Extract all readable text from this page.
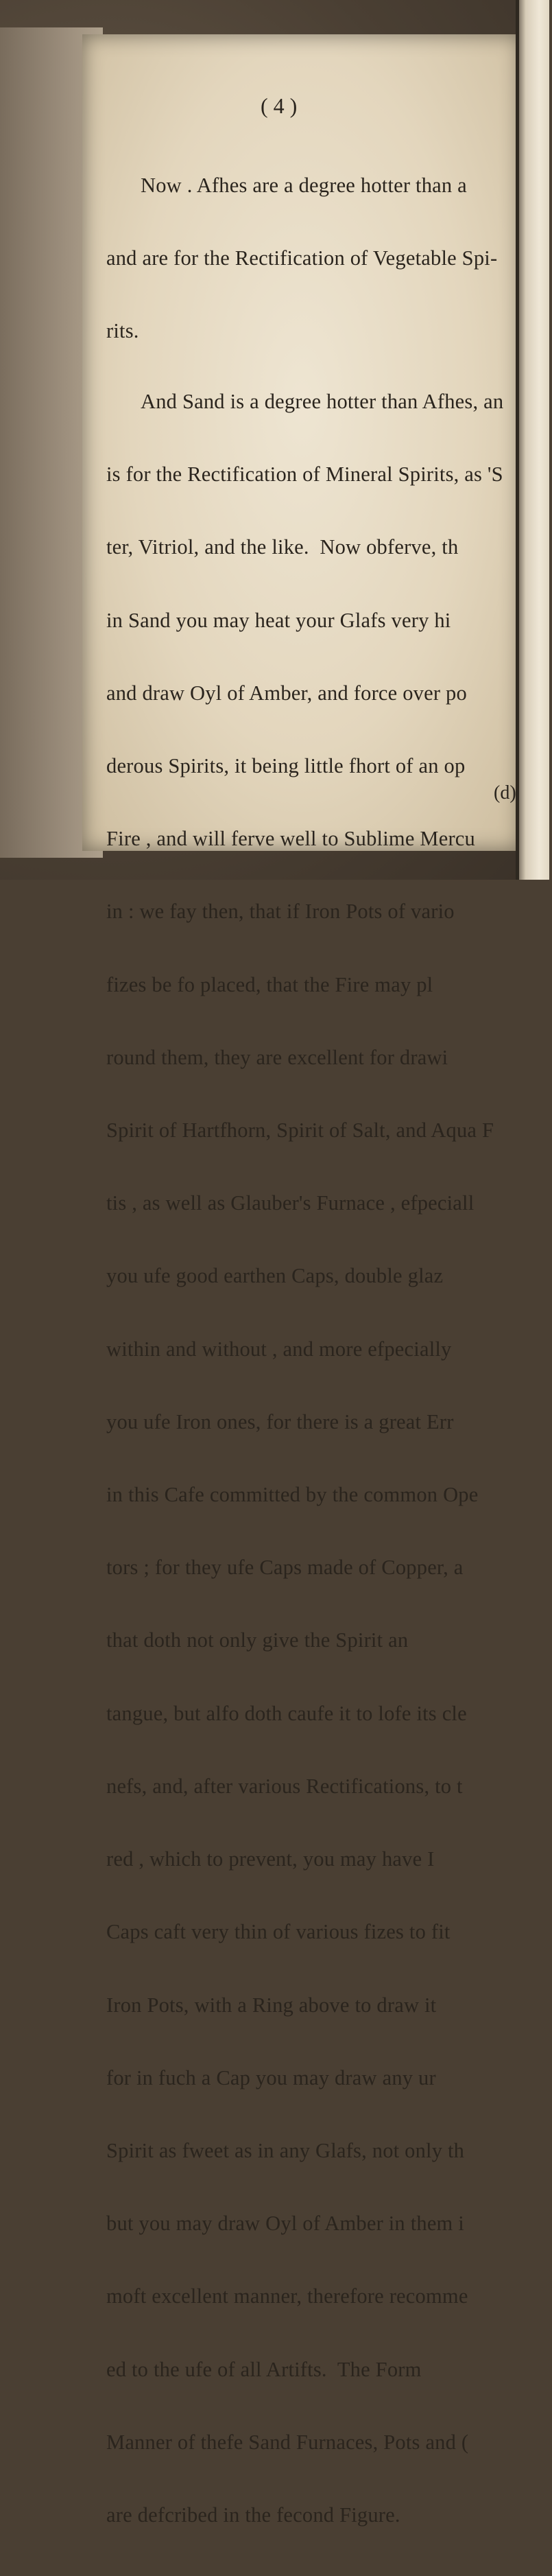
( 4 )

Now . Afhes are a degree hotter than a

and are for the Rectification of Vegetable Spi-

rits.

And Sand is a degree hotter than Afhes, an

is for the Rectification of Mineral Spirits, as 'S

ter, Vitriol, and the like.  Now obferve, th

in Sand you may heat your Glafs very hi

and draw Oyl of Amber, and force over po

derous Spirits, it being little fhort of an op

Fire , and will ferve well to Sublime Mercu

in : we fay then, that if Iron Pots of vario

fizes be fo placed, that the Fire may pl

round them, they are excellent for drawi

Spirit of Hartfhorn, Spirit of Salt, and Aqua F

tis , as well as Glauber's Furnace , efpeciall

you ufe good earthen Caps, double glaz

within and without , and more efpecially

you ufe Iron ones, for there is a great Err

in this Cafe committed by the common Ope

tors ; for they ufe Caps made of Copper, a

that doth not only give the Spirit an

tangue, but alfo doth caufe it to lofe its cle

nefs, and, after various Rectifications, to t

red , which to prevent, you may have I

Caps caft very thin of various fizes to fit

Iron Pots, with a Ring above to draw it

for in fuch a Cap you may draw any ur

Spirit as fweet as in any Glafs, not only th

but you may draw Oyl of Amber in them i

moft excellent manner, therefore recomme

ed to the ufe of all Artifts.  The Form

Manner of thefe Sand Furnaces, Pots and (

are defcribed in the fecond Figure.

(d)
